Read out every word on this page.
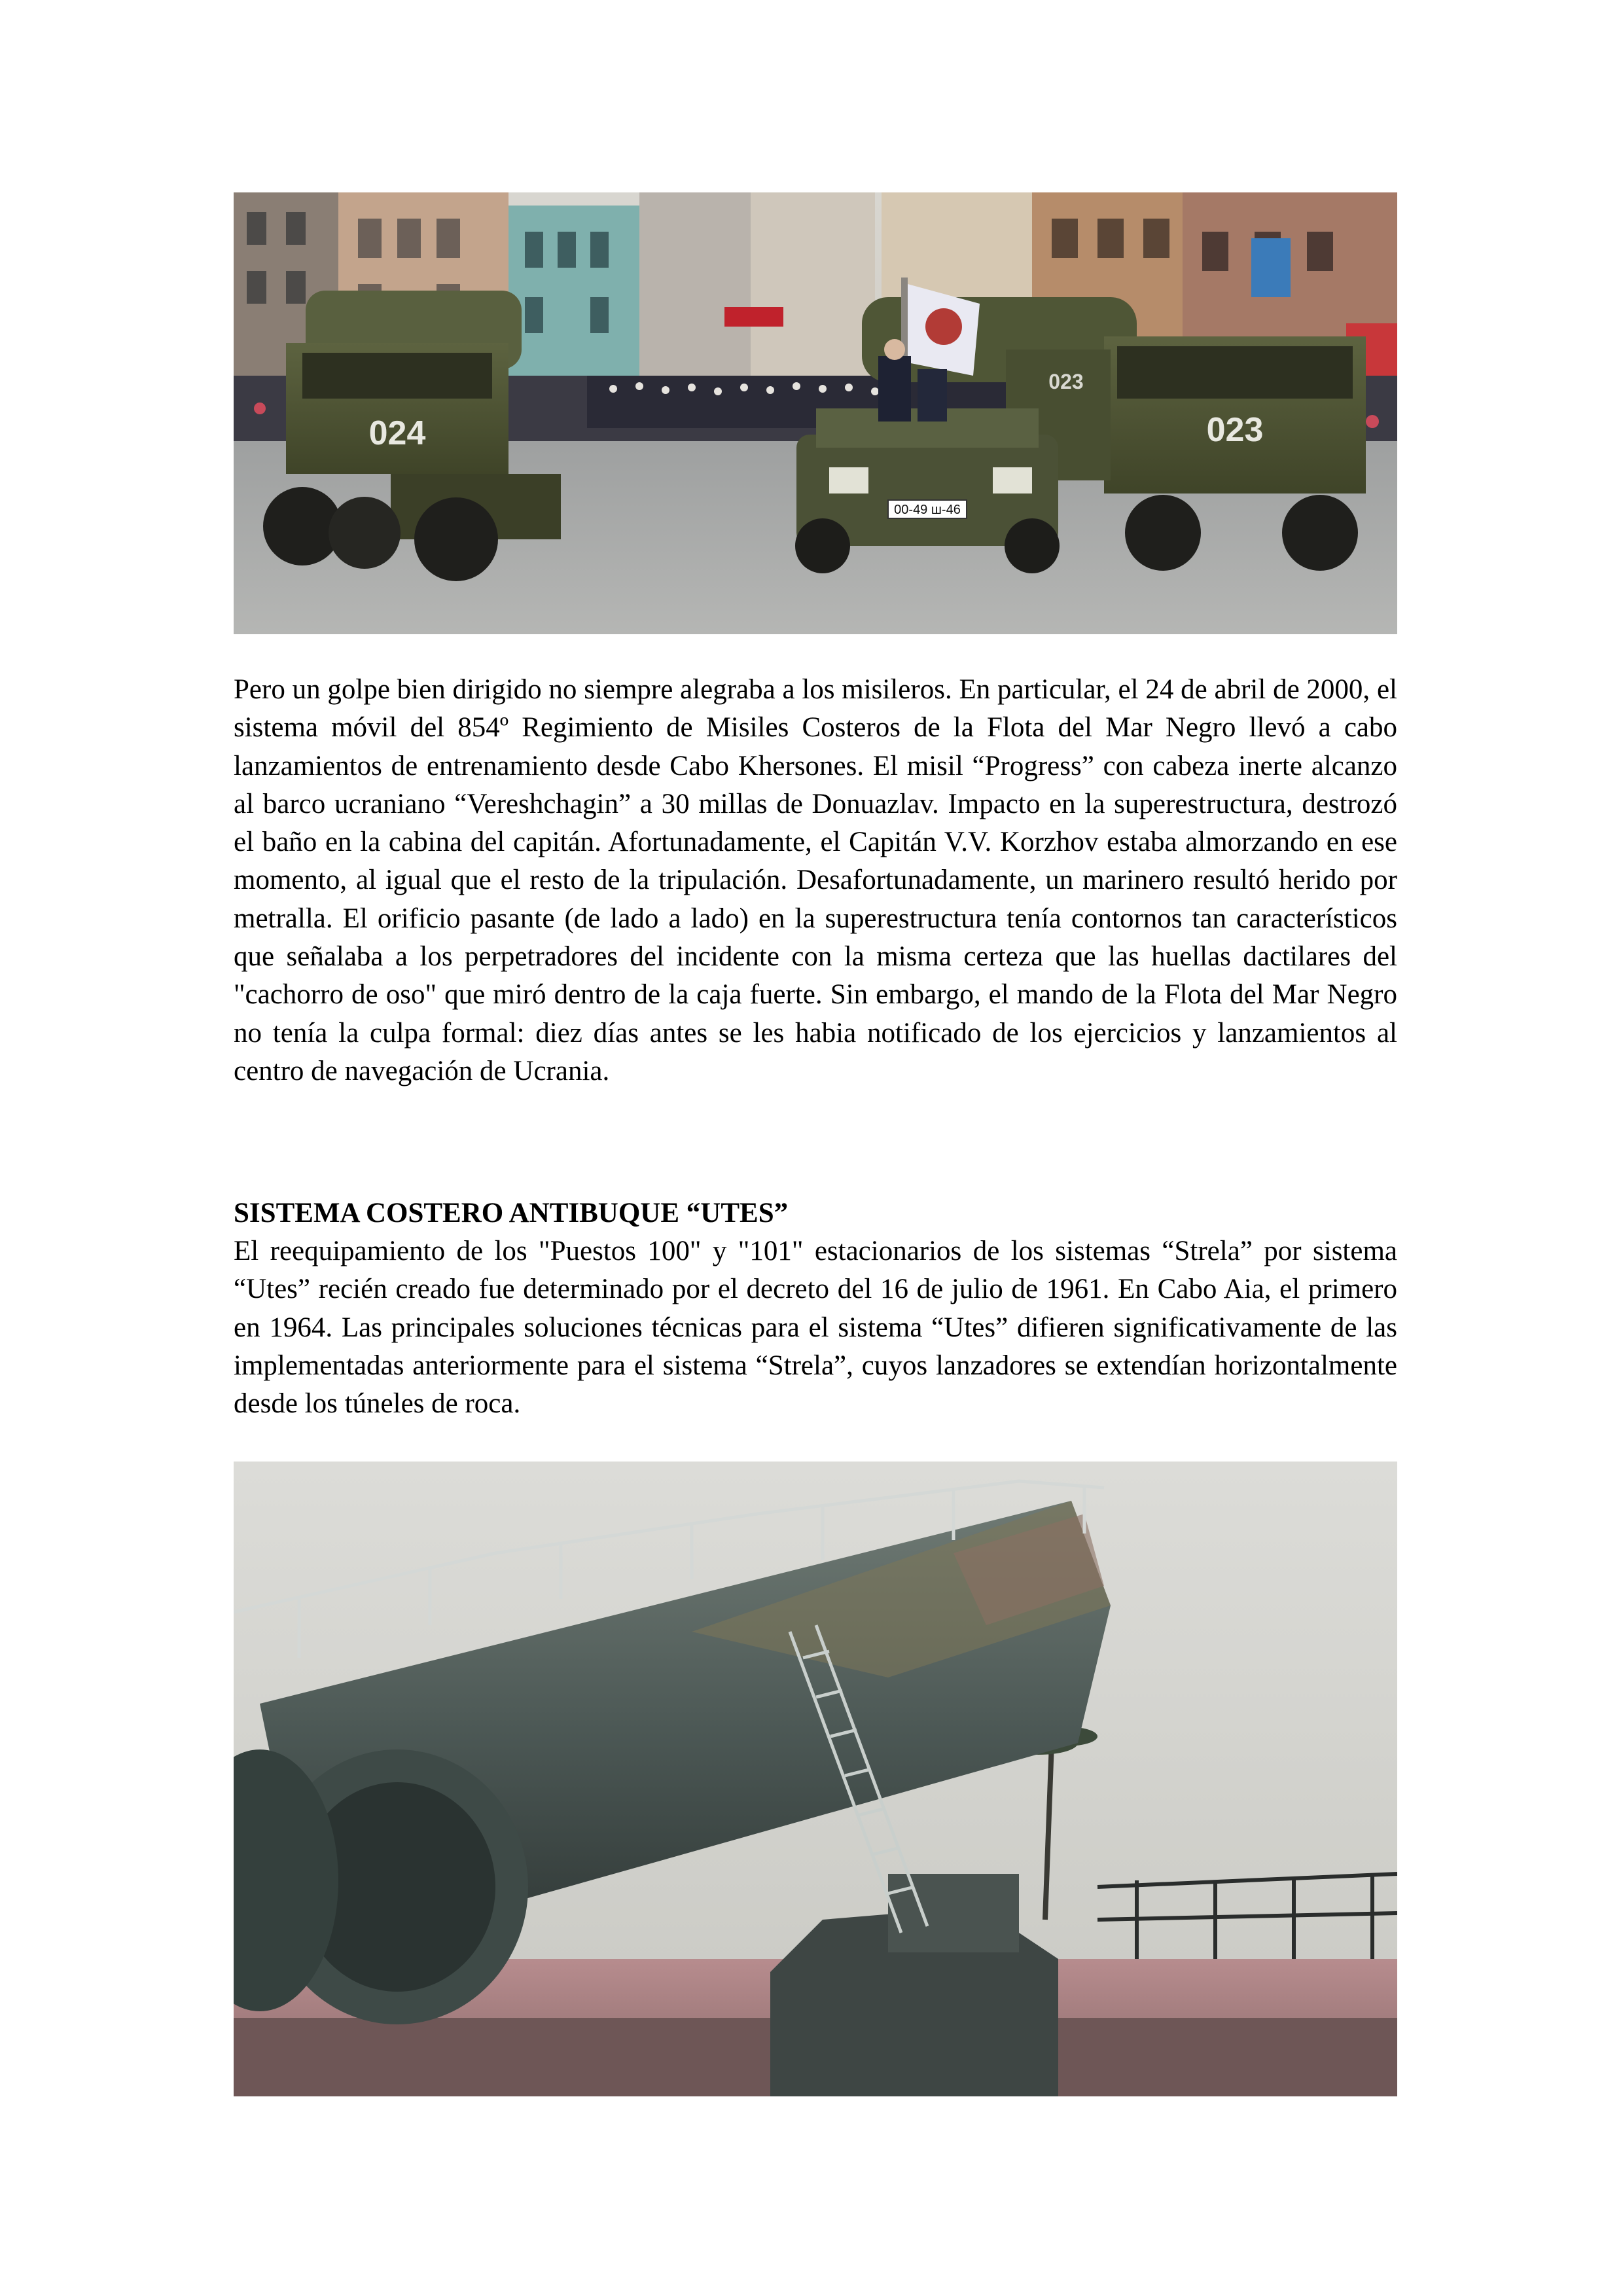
024	023
023
00-49 ш-46

Pero un golpe bien dirigido no siempre alegraba a los misileros. En particular, el 24 de abril de 2000, el sistema móvil del 854º Regimiento de Misiles Costeros de la Flota del Mar Negro llevó a cabo lanzamientos de entrenamiento desde Cabo Khersones. El misil “Progress” con cabeza inerte alcanzo al barco ucraniano “Vereshchagin” a 30 millas de Donuazlav. Impacto en la superestructura, destrozó el baño en la cabina del capitán. Afortunadamente, el Capitán V.V. Korzhov estaba almorzando en ese momento, al igual que el resto de la tripulación. Desafortunadamente, un marinero resultó herido por metralla. El orificio pasante (de lado a lado) en la superestructura tenía contornos tan característicos que señalaba a los perpetradores del incidente con la misma certeza que las huellas dactilares del "cachorro de oso" que miró dentro de la caja fuerte. Sin embargo, el mando de la Flota del Mar Negro no tenía la culpa formal: diez días antes se les habia notificado de los ejercicios y lanzamientos al centro de navegación de Ucrania.

SISTEMA COSTERO ANTIBUQUE “UTES”

El reequipamiento de los "Puestos 100" y "101" estacionarios de los sistemas “Strela” por sistema “Utes” recién creado fue determinado por el decreto del 16 de julio de 1961. En Cabo Aia, el primero en 1964. Las principales soluciones técnicas para el sistema “Utes” difieren significativamente de las implementadas anteriormente para el sistema “Strela”, cuyos lanzadores se extendían horizontalmente desde los túneles de roca.
